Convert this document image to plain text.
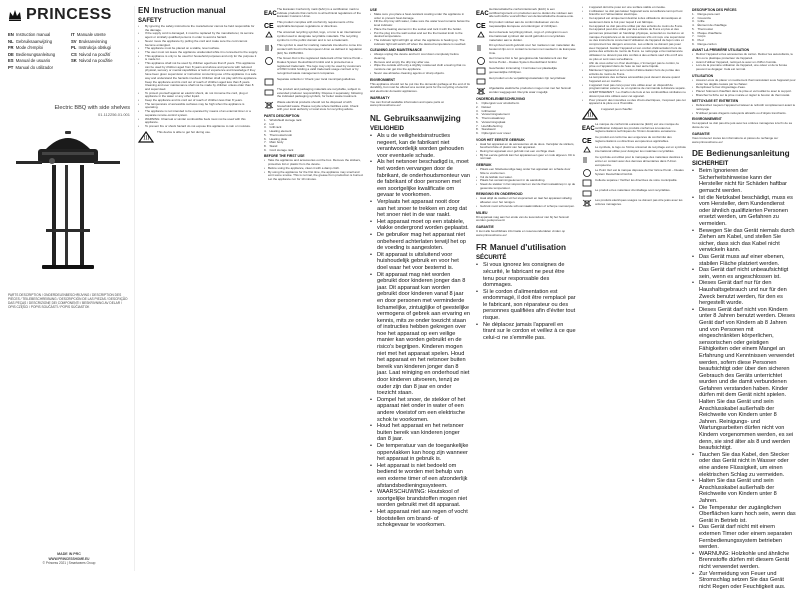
PRINCESS
EN Instruction manual	IT Manuale utente
NL Gebruiksaanwijzing	SV Bruksanvisning
FR Mode d'emploi	PL Instrukcja obsługi
DE Bedienungsanleitung	CS Návod na použití
ES Manual de usuario	SK Návod na použitie
PT Manual do utilizador
Electric BBQ with side shelves
01.112256.01.001
PARTS DESCRIPTION / ONDERDELENBESCHRIJVING / DESCRIPTION DES PIÈCES / TEILEBESCHREIBUNG / DESCRIPCIÓN DE LAS PIEZAS / DESCRIÇÃO DAS PEÇAS / DESCRIZIONE DEI COMPONENTI / BESKRIVNING AV DELAR / OPIS CZĘŚCI / POPIS SOUČÁSTÍ / POPIS SÚČIASTOK
MADE IN PRC
WWW.PRINCESSHOME.EU
© Princess 2021 | Smartwares Group
EN Instruction manual
SAFETY
• By ignoring the safety instructions the manufacturer cannot be held responsible for the damage.
• If the supply cord is damaged, it must be replaced by the manufacturer, its service agent or similarly qualified persons in order to avoid a hazard.
• Never move the appliance by pulling the cord and make sure the cord cannot become entangled.
• The appliance must be placed on a stable, level surface.
• The user must not leave the appliance unattended while it is connected to the supply.
• This appliance is only to be used for household purposes and only for the purpose it is made for.
• This appliance shall not be used by children aged less than 8 years. This appliance can be used by children aged from 8 years and above and persons with reduced physical, sensory or mental capabilities or lack of experience and knowledge if they have been given supervision or instruction concerning use of the appliance in a safe way and understand the hazards involved. Children shall not play with the appliance. Keep the appliance and its cord out of reach of children aged less than 8 years. Cleaning and user maintenance shall not be made by children unless older than 8 and supervised.
• To protect yourself against an electric shock, do not immerse the cord, plug or appliance in the water or any other liquid.
• Keep the appliance and its cord out of reach of children less than 8 years.
• The temperature of accessible surfaces may be high when the appliance is operating.
• The appliance is not intended to be operated by means of an external timer or a separate remote-control system.
• WARNING: Charcoal or similar combustible fuels must not be used with this appliance.
• To prevent fire or shock hazard do not expose this appliance to rain or moisture.

This device is able to get hot during use.

EAC

The Eurasian Conformity mark (EAC) is a certification mark to indicate products that conform to all technical regulations of the Eurasian Customs Union.

CE

This product complies with conformity requirements of the applicable European regulations or directives.

The universal recycling symbol, logo, or icon is an international symbol used to designate recyclable materials. The recycling symbol is in the public domain and is not a trademark.

This symbol is used for marking materials intended to come into contact with food in the European Union as defined in regulation (EC) No 1935/2004.

The Green Dot is the registered trademark of Der Grüne Punkt – Duales System Deutschland GmbH and is protected as a registered trademark. The logo may only be used by customers of DSD GmbH holding a valid trademark usage contract or by recognized waste management companies.

Separate collection / Check your local municipal guidelines.

The product and packaging materials are recyclable, subject to extended producer responsibility. Dispose it separately, following the indicated packaging symbols, for better waste treatment.

Waste electrical products should not be disposed of with household waste. Please recycle where facilities exist. Check with your local authority or local store for recycling advice.

PARTS DESCRIPTION

1. Windshield storage rack

2. Lid

3. Grill rack

4. Heating element

5. Thermostat knob

6. Heating plate

7. Main body

8. Stand

9. Cord storage rack

BEFORE THE FIRST USE
• Take the appliance and accessories out the box. Remove the stickers, protective foil or plastic from the device.
• Before using the appliance, clean it with a damp cloth.
• By using the appliance for the first time, the appliance may smell and emit some smoke. This is normal, the grease from production is burned. Let the appliance run for 10 minutes.
USE
• Make sure you place a heat-resistant coating under the appliance in order to prevent heat damage.
• Fill the drip tray with water, make sure the water level remains below the level indicator.
• Place the heating element in the socket and lock it with the holder.
• Put the plug into the wall socket and set the thermostat knob to the desired temperature.
• The indicator light will light up when the appliance is heating up. The indicator light will switch off when the desired temperature is reached.
CLEANING AND MAINTENANCE
• Always unplug the device and let it cool down completely before cleaning.
• Remove and empty the drip tray after use.
• Wipe the outside with only a slightly moistened cloth ensuring that no moisture can get into the appliance.
• Never use abrasive cleaning agents or sharp objects.
ENVIRONMENT

This appliance should not be put into the domestic garbage at the end of its durability, but must be offered at a central point for the recycling of electric and electronic domestic appliances.

WARRANTY

You can find all available information and spare parts at www.princesshome.eu!

NL Gebruiksaanwijzing
VEILIGHEID
• Als u de veiligheidsinstructies negeert, kan de fabrikant niet verantwoordelijk worden gehouden voor eventuele schade.
• Als het netsnoer beschadigd is, moet het worden vervangen door de fabrikant, de onderhoudsmonteur van de fabrikant of door personen met een soortgelijke kwalificatie om gevaar te voorkomen.
• Verplaats het apparaat nooit door aan het snoer te trekken en zorg dat het snoer niet in de war raakt.
• Het apparaat moet op een stabiele, vlakke ondergrond worden geplaatst.
• De gebruiker mag het apparaat niet onbeheerd achterlaten terwijl het op de voeding is aangesloten.
• Dit apparaat is uitsluitend voor huishoudelijk gebruik en voor het doel waar het voor bestemd is.
• Dit apparaat mag niet worden gebruikt door kinderen jonger dan 8 jaar. Dit apparaat kan worden gebruikt door kinderen vanaf 8 jaar en door personen met verminderde lichamelijke, zintuiglijke of geestelijke vermogens of gebrek aan ervaring en kennis, mits ze onder toezicht staan of instructies hebben gekregen over hoe het apparaat op een veilige manier kan worden gebruikt en de risico's begrijpen. Kinderen mogen niet met het apparaat spelen. Houd het apparaat en het netsnoer buiten bereik van kinderen jonger dan 8 jaar. Laat reiniging en onderhoud niet door kinderen uitvoeren, tenzij ze ouder zijn dan 8 jaar en onder toezicht staan.
• Dompel het snoer, de stekker of het apparaat niet onder in water of een andere vloeistof om een elektrische schok te voorkomen.
• Houd het apparaat en het netsnoer buiten bereik van kinderen jonger dan 8 jaar.
• De temperatuur van de toegankelijke oppervlakken kan hoog zijn wanneer het apparaat in gebruik is.
• Het apparaat is niet bedoeld om bediend te worden met behulp van een externe timer of een afzonderlijk afstandsbedieningssysteem.
• WAARSCHUWING: Houtskool of soortgelijke brandstoffen mogen niet worden gebruikt met dit apparaat.
• Het apparaat niet aan regen of vocht blootstellen om brand- of schokgevaar te voorkomen.
EAC

Het Euraziatische conformiteitsmerk (EAC) is een certificeringsmerk om producten aan te duiden die voldoen aan alle technische voorschriften van de Euraziatische douane-unie.

CE

Dit product voldoet aan de conformiteitseisen van de toepasselijke Europese verordeningen of richtlijnen.

Het universele recyclingsymbool, -logo of -pictogram is een internationaal symbool dat wordt gebruikt om recyclebare materialen aan te duiden.

Dit symbool wordt gebruikt voor het markeren van materialen die bestemd zijn om in contact te komen met voedsel in de Europese Unie.

Het Groene Dot is het geregistreerde handelsmerk van Der Grüne Punkt – Duales System Deutschland GmbH.

Gescheiden inzameling / Controleer uw plaatselijke gemeentelijke richtlijnen.

Het product en de verpakkingsmaterialen zijn recyclebaar.

Afgedankte elektrische producten mogen niet met het huisvuil worden weggegooid. Recycle waar mogelijk.

ONDERDELENBESCHRIJVING

1. Opbergrek voor windscherm

2. Deksel

3. Grillrooster

4. Verwarmingselement

5. Thermostaatknop

6. Verwarmingsplaat

7. Hoofdbehuizing

8. Standaard

9. Opbergrek voor snoer

VOOR HET EERSTE GEBRUIK
• Haal het apparaat en de accessoires uit de doos. Verwijder de stickers, beschermfolie of plastic van het apparaat.
• Reinig het apparaat voor gebruik met een vochtige doek.
• Bij het eerste gebruik kan het apparaat een geur en rook afgeven. Dit is normaal.
GEBRUIK
• Plaats een hittebestendige laag onder het apparaat om schade door hitte te voorkomen.
• Vul de lekbak met water.
• Plaats het verwarmingselement in de aansluiting.
• Steek de stekker in het stopcontact en stel de thermostaatknop in op de gewenste temperatuur.
REINIGING EN ONDERHOUD
• Haal altijd de stekker uit het stopcontact en laat het apparaat volledig afkoelen voor het reinigen.
• Gebruik nooit schurende schoonmaakmiddelen of scherpe voorwerpen.
MILIEU

Dit apparaat mag aan het einde van de levensduur niet bij het huisvuil worden gedeponeerd.

GARANTIE

U kunt alle beschikbare informatie en reserveonderdelen vinden op www.princesshome.eu!

FR Manuel d'utilisation
SÉCURITÉ
• Si vous ignorez les consignes de sécurité, le fabricant ne peut être tenu pour responsable des dommages.
• Si le cordon d'alimentation est endommagé, il doit être remplacé par le fabricant, son réparateur ou des personnes qualifiées afin d'éviter tout risque.
• Ne déplacez jamais l'appareil en tirant sur le cordon et veillez à ce que celui-ci ne s'emmêle pas.
• L'appareil doit être posé sur une surface stable et nivelée.
• L'utilisateur ne doit pas laisser l'appareil sans surveillance tant qu'il est branché sur l'alimentation électrique.
• Cet appareil est uniquement destiné à des utilisations domestiques et seulement dans le but pour lequel il est fabriqué.
• Cet appareil ne doit pas être utilisé par des enfants de moins de 8 ans. Cet appareil peut être utilisé par des enfants de 8 ans et plus et des personnes présentant un handicap physique, sensoriel ou mental ou un manque d'expérience et de connaissances s'ils ont reçu une supervision ou des instructions concernant l'utilisation de l'appareil de façon sûre et comprennent les dangers encourus. Les enfants ne doivent pas jouer avec l'appareil. Gardez l'appareil et son cordon d'alimentation hors de portée des enfants de moins de 8 ans. Le nettoyage et la maintenance utilisateur ne doivent pas être confiés à des enfants sauf s'ils ont 8 ans ou plus et sont sous surveillance.
• Afin de vous éviter un choc électrique, n'immergez pas le cordon, la prise ou l'appareil dans de l'eau ou tout autre liquide.
• Maintenez l'appareil et son cordon d'alimentation hors de portée des enfants de moins de 8 ans.
• La température des surfaces accessibles peut devenir élevée quand l'appareil est en marche.
• L'appareil n'est pas conçu pour être utilisé avec un dispositif de programmation externe ou un système de commande à distance séparé.
• AVERTISSEMENT : Le charbon de bois et les combustibles similaires ne doivent pas être utilisés avec cet appareil.
• Pour prévenir des incendies ou des chocs électriques, n'exposez pas cet appareil à la pluie ou à l'humidité.

L'appareil peut chauffer.

EAC

La marque de conformité eurasienne (EAC) est une marque de certification indiquant les produits conformes à toutes les réglementations techniques de l'Union douanière eurasienne.

CE

Ce produit est conforme aux exigences de conformité des réglementations ou directives européennes applicables.

Le symbole, le logo ou l'icône universel de recyclage est un symbole international utilisé pour désigner les matériaux recyclables.

Ce symbole est utilisé pour le marquage des matériaux destinés à entrer en contact avec des denrées alimentaires dans l'Union européenne.

Le Point Vert est la marque déposée de Der Grüne Punkt – Duales System Deutschland GmbH.

Collecte séparée / Vérifiez les directives de votre municipalité.

Le produit et les matériaux d'emballage sont recyclables.

Les produits électriques usagés ne doivent pas être jetés avec les ordures ménagères.

DESCRIPTION DES PIÈCES

1. Range-pare-vent

2. Couvercle

3. Grille

4. Élément de chauffage

5. Thermostat

6. Plaque chauffante

7. Corps

8. Pied

9. Range-cordon

AVANT LA PREMIÈRE UTILISATION
• Retirez l'appareil et les accessoires du carton. Retirez les autocollants, le film ou le plastique protecteur de l'appareil.
• Avant d'utiliser l'appareil, nettoyez-le avec un chiffon humide.
• Lors de la première utilisation de l'appareil, une odeur et de la fumée peuvent se dégager. Cela est normal.
UTILISATION
• Assurez-vous de placer un revêtement thermorésistant sous l'appareil pour éviter les dégâts causés par la chaleur.
• Remplissez le bac d'égouttage d'eau.
• Placez l'élément chauffant dans la prise et verrouillez-le avec le support.
• Branchez la fiche sur la prise murale et réglez le bouton du thermostat.
NETTOYAGE ET ENTRETIEN
• Débranchez toujours l'appareil et laissez-le refroidir complètement avant le nettoyage.
• N'utilisez jamais d'agents nettoyants abrasifs ou d'objets tranchants.
ENVIRONNEMENT

Cet appareil ne doit pas être jeté avec les ordures ménagères à la fin de sa durée de vie.

GARANTIE

Vous trouverez toutes les informations et pièces de rechange sur www.princesshome.eu!

DE Bedienungsanleitung
SICHERHEIT
• Beim Ignorieren der Sicherheitshinweise kann der Hersteller nicht für Schäden haftbar gemacht werden.
• Ist die Netzkabel beschädigt, muss es vom Hersteller, dem Kundendienst oder ähnlich qualifizierten Personen ersetzt werden, um Gefahren zu vermeiden.
• Bewegen Sie das Gerät niemals durch Ziehen am Kabel, und stellen Sie sicher, dass sich das Kabel nicht verwickeln kann.
• Das Gerät muss auf einer ebenen, stabilen Fläche platziert werden.
• Das Gerät darf nicht unbeaufsichtigt sein, wenn es angeschlossen ist.
• Dieses Gerät darf nur für den Haushaltsgebrauch und nur für den Zweck benutzt werden, für den es hergestellt wurde.
• Dieses Gerät darf nicht von Kindern unter 8 Jahren benutzt werden. Dieses Gerät darf von Kindern ab 8 Jahren und von Personen mit eingeschränkten körperlichen, sensorischen oder geistigen Fähigkeiten oder einem Mangel an Erfahrung und Kenntnissen verwendet werden, sofern diese Personen beaufsichtigt oder über den sicheren Gebrauch des Geräts unterrichtet wurden und die damit verbundenen Gefahren verstanden haben. Kinder dürfen mit dem Gerät nicht spielen. Halten Sie das Gerät und sein Anschlusskabel außerhalb der Reichweite von Kindern unter 8 Jahren. Reinigungs- und Wartungsarbeiten dürfen nicht von Kindern vorgenommen werden, es sei denn, sie sind älter als 8 und werden beaufsichtigt.
• Tauchen Sie das Kabel, den Stecker oder das Gerät nicht in Wasser oder eine andere Flüssigkeit, um einen elektrischen Schlag zu vermeiden.
• Halten Sie das Gerät und sein Anschlusskabel außerhalb der Reichweite von Kindern unter 8 Jahren.
• Die Temperatur der zugänglichen Oberflächen kann hoch sein, wenn das Gerät in Betrieb ist.
• Das Gerät darf nicht mit einem externen Timer oder einem separaten Fernbedienungssystem betrieben werden.
• WARNUNG: Holzkohle und ähnliche Brennstoffe dürfen mit diesem Gerät nicht verwendet werden.
• Zur Vermeidung von Feuer und Stromschlag setzen Sie das Gerät nicht Regen oder Feuchtigkeit aus.
